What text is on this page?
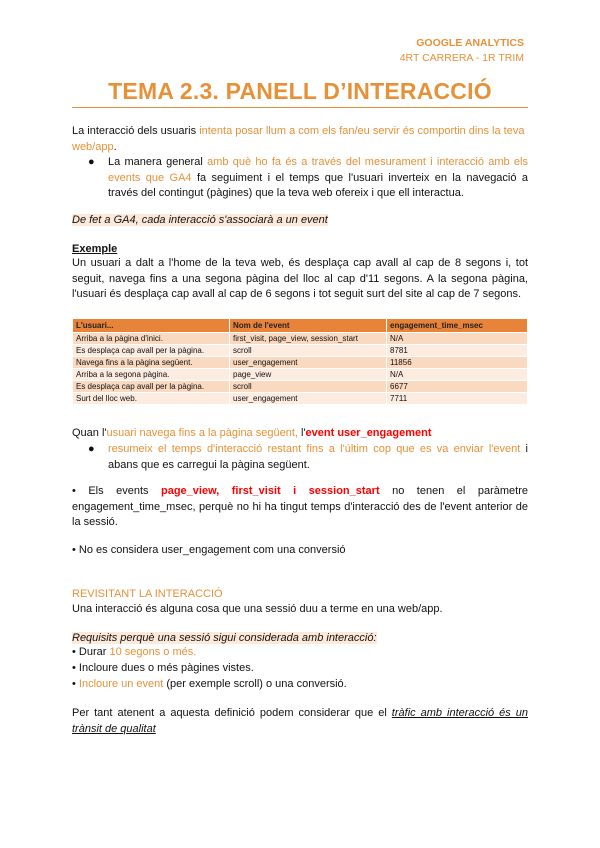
GOOGLE ANALYTICS
4RT CARRERA - 1R TRIM
TEMA 2.3. PANELL D’INTERACCIÓ
La interacció dels usuaris intenta posar llum a com els fan/eu servir és comportin dins la teva web/app.
●	La manera general amb què ho fa és a través del mesurament i interacció amb els events que GA4 fa seguiment i el temps que l'usuari inverteix en la navegació a través del contingut (pàgines) que la teva web ofereix i que ell interactua.
De fet a GA4, cada interacció s'associarà a un event
Exemple
Un usuari a dalt a l'home de la teva web, és desplaça cap avall al cap de 8 segons i, tot seguit, navega fins a una segona pàgina del lloc al cap d'11 segons. A la segona pàgina, l'usuari és desplaça cap avall al cap de 6 segons i tot seguit surt del site al cap de 7 segons.
L'usuari...	Nom de l'event	engagement_time_msec
Arriba a la pàgina d'inici.	first_visit, page_view, session_start	N/A
Es desplaça cap avall per la pàgina.	scroll	8781
Navega fins a la pàgina següent.	user_engagement	11856
Arriba a la segona pàgina.	page_view	N/A
Es desplaça cap avall per la pàgina.	scroll	6677
Surt del lloc web.	user_engagement	7711
Quan l'usuari navega fins a la pàgina següent, l'event user_engagement
●	resumeix el temps d'interacció restant fins a l'últim cop que es va enviar l'event i abans que es carregui la pàgina següent.
• Els events page_view, first_visit i session_start no tenen el paràmetre engagement_time_msec, perquè no hi ha tingut temps d'interacció des de l'event anterior de la sessió.
• No es considera user_engagement com una conversió
REVISITANT LA INTERACCIÓ
Una interacció és alguna cosa que una sessió duu a terme en una web/app.
Requisits perquè una sessió sigui considerada amb interacció:
• Durar 10 segons o més.
• Incloure dues o més pàgines vistes.
• Incloure un event (per exemple scroll) o una conversió.
Per tant atenent a aquesta definició podem considerar que el tràfic amb interacció és un trànsit de qualitat
